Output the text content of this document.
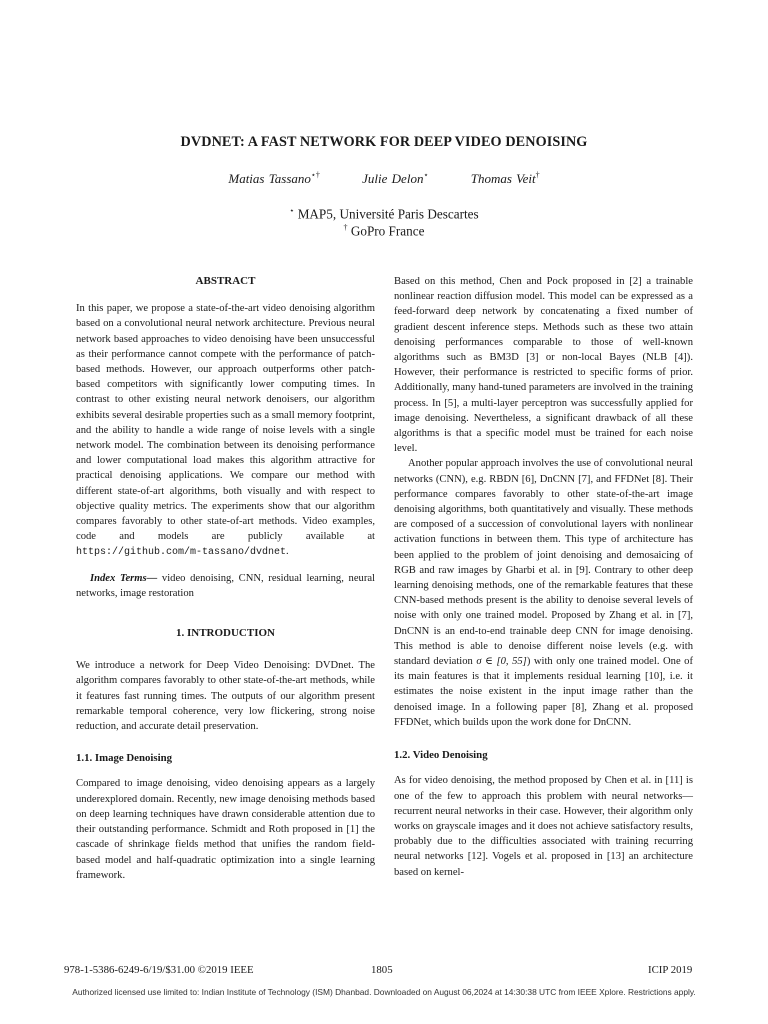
DVDNET: A FAST NETWORK FOR DEEP VIDEO DENOISING
Matias Tassano⋆†	Julie Delon⋆	Thomas Veit†
⋆ MAP5, Université Paris Descartes
† GoPro France
ABSTRACT

In this paper, we propose a state-of-the-art video denoising algorithm based on a convolutional neural network architecture. Previous neural network based approaches to video denoising have been unsuccessful as their performance cannot compete with the performance of patch-based methods. However, our approach outperforms other patch-based competitors with significantly lower computing times. In contrast to other existing neural network denoisers, our algorithm exhibits several desirable properties such as a small memory footprint, and the ability to handle a wide range of noise levels with a single network model. The combination between its denoising performance and lower computational load makes this algorithm attractive for practical denoising applications. We compare our method with different state-of-art algorithms, both visually and with respect to objective quality metrics. The experiments show that our algorithm compares favorably to other state-of-art methods. Video examples, code and models are publicly available at https://github.com/m-tassano/dvdnet.

Index Terms— video denoising, CNN, residual learning, neural networks, image restoration

1. INTRODUCTION

We introduce a network for Deep Video Denoising: DVDnet. The algorithm compares favorably to other state-of-the-art methods, while it features fast running times. The outputs of our algorithm present remarkable temporal coherence, very low flickering, strong noise reduction, and accurate detail preservation.

1.1. Image Denoising

Compared to image denoising, video denoising appears as a largely underexplored domain. Recently, new image denoising methods based on deep learning techniques have drawn considerable attention due to their outstanding performance. Schmidt and Roth proposed in [1] the cascade of shrinkage fields method that unifies the random field-based model and half-quadratic optimization into a single learning framework.

Based on this method, Chen and Pock proposed in [2] a trainable nonlinear reaction diffusion model. This model can be expressed as a feed-forward deep network by concatenating a fixed number of gradient descent inference steps. Methods such as these two attain denoising performances comparable to those of well-known algorithms such as BM3D [3] or non-local Bayes (NLB [4]). However, their performance is restricted to specific forms of prior. Additionally, many hand-tuned parameters are involved in the training process. In [5], a multi-layer perceptron was successfully applied for image denoising. Nevertheless, a significant drawback of all these algorithms is that a specific model must be trained for each noise level.

Another popular approach involves the use of convolutional neural networks (CNN), e.g. RBDN [6], DnCNN [7], and FFDNet [8]. Their performance compares favorably to other state-of-the-art image denoising algorithms, both quantitatively and visually. These methods are composed of a succession of convolutional layers with nonlinear activation functions in between them. This type of architecture has been applied to the problem of joint denoising and demosaicing of RGB and raw images by Gharbi et al. in [9]. Contrary to other deep learning denoising methods, one of the remarkable features that these CNN-based methods present is the ability to denoise several levels of noise with only one trained model. Proposed by Zhang et al. in [7], DnCNN is an end-to-end trainable deep CNN for image denoising. This method is able to denoise different noise levels (e.g. with standard deviation σ ∈ [0, 55]) with only one trained model. One of its main features is that it implements residual learning [10], i.e. it estimates the noise existent in the input image rather than the denoised image. In a following paper [8], Zhang et al. proposed FFDNet, which builds upon the work done for DnCNN.

1.2. Video Denoising

As for video denoising, the method proposed by Chen et al. in [11] is one of the few to approach this problem with neural networks—recurrent neural networks in their case. However, their algorithm only works on grayscale images and it does not achieve satisfactory results, probably due to the difficulties associated with training recurring neural networks [12]. Vogels et al. proposed in [13] an architecture based on kernel-

978-1-5386-6249-6/19/$31.00 ©2019 IEEE	1805	ICIP 2019
Authorized licensed use limited to: Indian Institute of Technology (ISM) Dhanbad. Downloaded on August 06,2024 at 14:30:38 UTC from IEEE Xplore. Restrictions apply.
